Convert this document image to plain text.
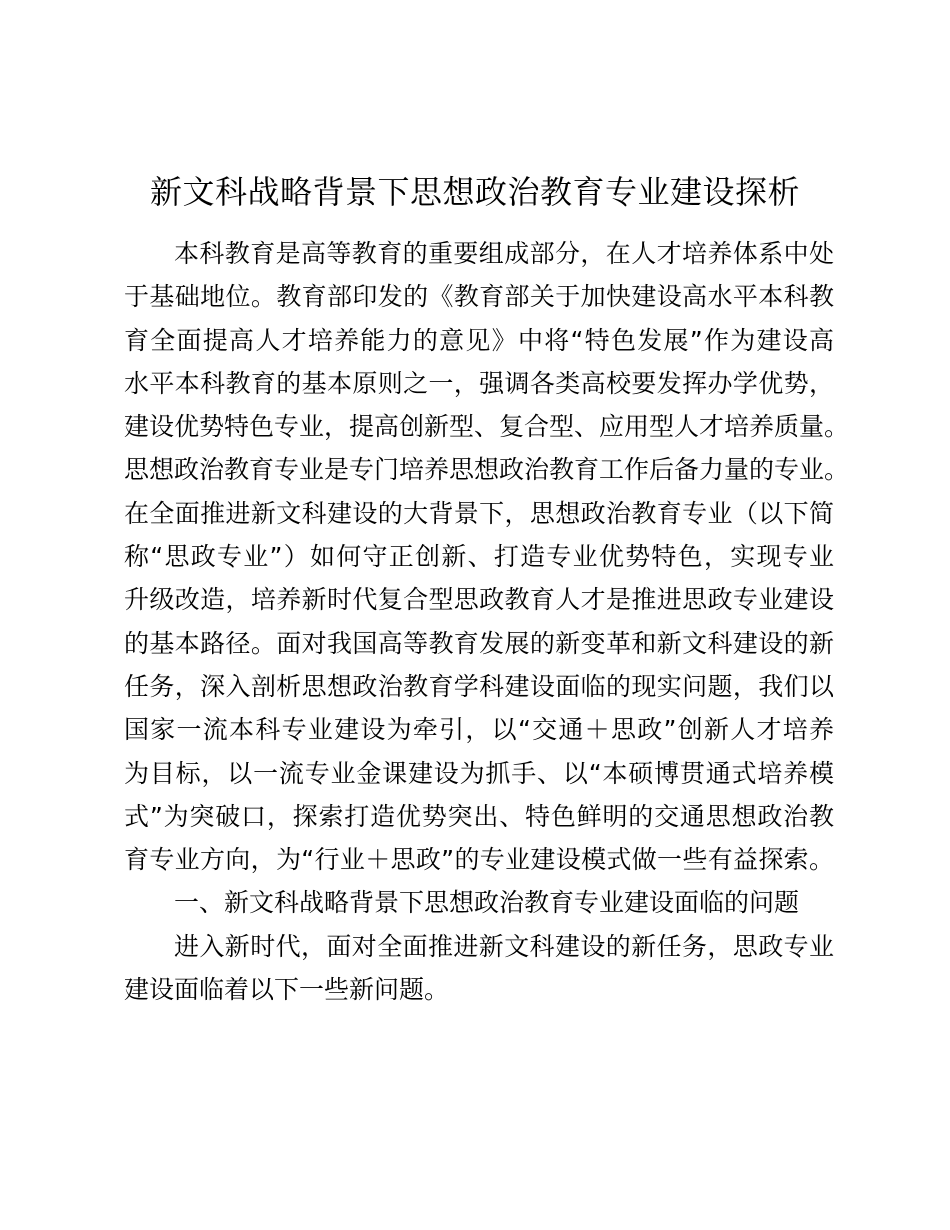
新文科战略背景下思想政治教育专业建设探析

本科教育是高等教育的重要组成部分，在人才培养体系中处

于基础地位。教育部印发的《教育部关于加快建设高水平本科教

育全面提高人才培养能力的意见》中将“特色发展”作为建设高

水平本科教育的基本原则之一，强调各类高校要发挥办学优势，

建设优势特色专业，提高创新型、复合型、应用型人才培养质量。

思想政治教育专业是专门培养思想政治教育工作后备力量的专业。

在全面推进新文科建设的大背景下，思想政治教育专业（以下简

称“思政专业”）如何守正创新、打造专业优势特色，实现专业

升级改造，培养新时代复合型思政教育人才是推进思政专业建设

的基本路径。面对我国高等教育发展的新变革和新文科建设的新

任务，深入剖析思想政治教育学科建设面临的现实问题，我们以

国家一流本科专业建设为牵引，以“交通＋思政”创新人才培养

为目标，以一流专业金课建设为抓手、以“本硕博贯通式培养模

式”为突破口，探索打造优势突出、特色鲜明的交通思想政治教

育专业方向，为“行业＋思政”的专业建设模式做一些有益探索。

一、新文科战略背景下思想政治教育专业建设面临的问题

进入新时代，面对全面推进新文科建设的新任务，思政专业

建设面临着以下一些新问题。
